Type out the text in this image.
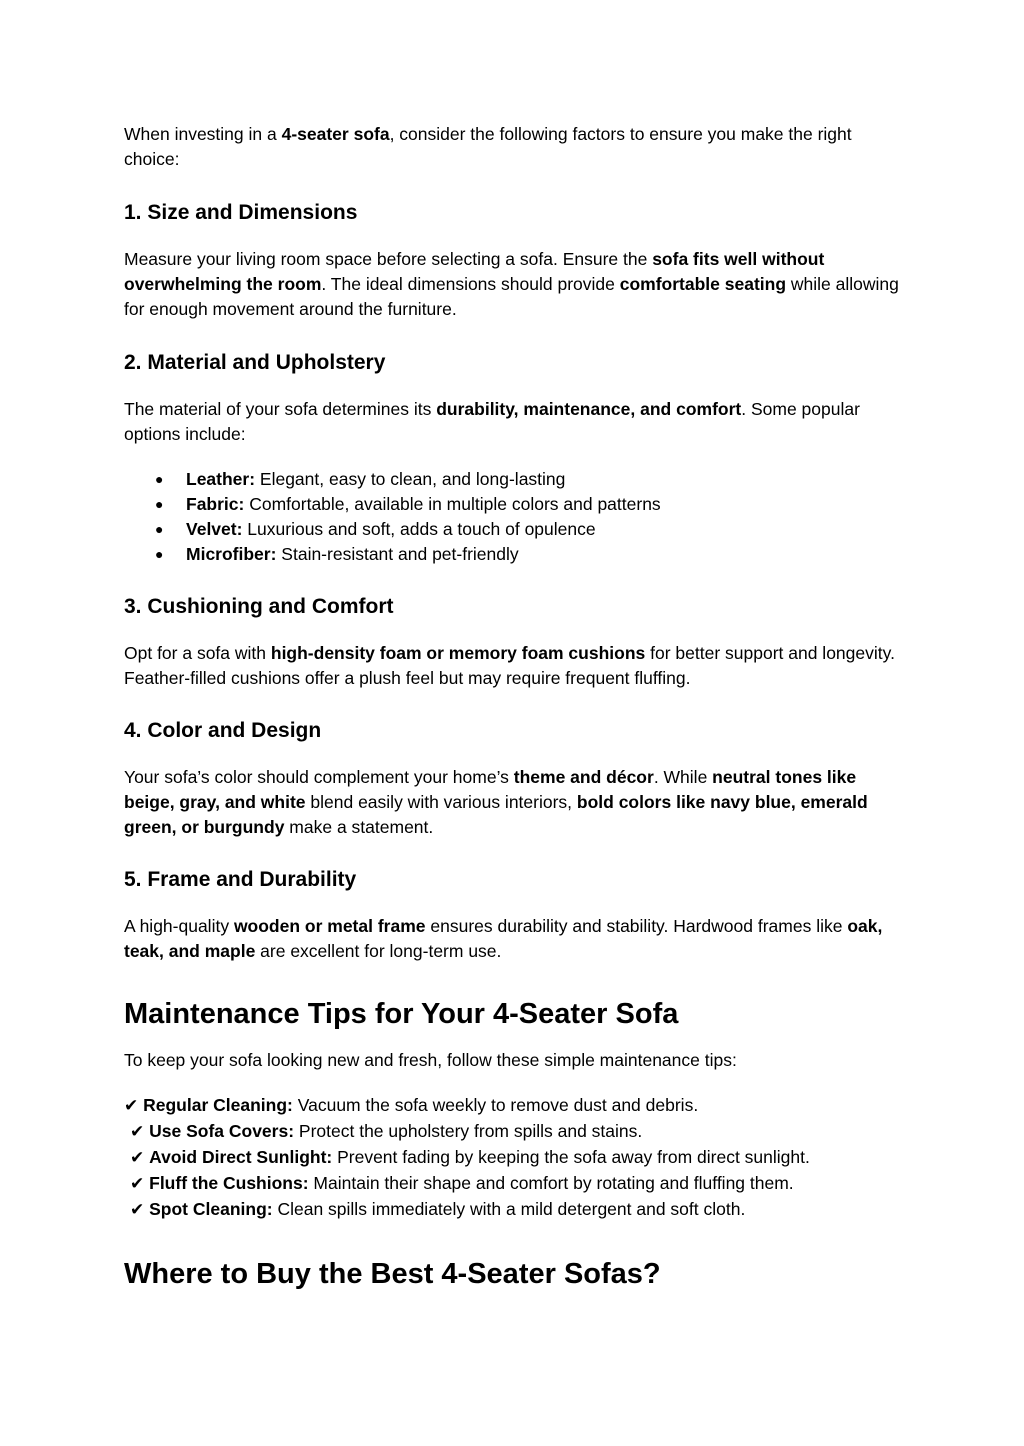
When investing in a 4-seater sofa, consider the following factors to ensure you make the right choice:

1. Size and Dimensions

Measure your living room space before selecting a sofa. Ensure the sofa fits well without overwhelming the room. The ideal dimensions should provide comfortable seating while allowing for enough movement around the furniture.

2. Material and Upholstery

The material of your sofa determines its durability, maintenance, and comfort. Some popular options include:

● Leather: Elegant, easy to clean, and long-lasting
● Fabric: Comfortable, available in multiple colors and patterns
● Velvet: Luxurious and soft, adds a touch of opulence
● Microfiber: Stain-resistant and pet-friendly
3. Cushioning and Comfort

Opt for a sofa with high-density foam or memory foam cushions for better support and longevity. Feather-filled cushions offer a plush feel but may require frequent fluffing.

4. Color and Design

Your sofa’s color should complement your home’s theme and décor. While neutral tones like beige, gray, and white blend easily with various interiors, bold colors like navy blue, emerald green, or burgundy make a statement.

5. Frame and Durability

A high-quality wooden or metal frame ensures durability and stability. Hardwood frames like oak, teak, and maple are excellent for long-term use.

Maintenance Tips for Your 4-Seater Sofa

To keep your sofa looking new and fresh, follow these simple maintenance tips:

✔ Regular Cleaning: Vacuum the sofa weekly to remove dust and debris.
✔ Use Sofa Covers: Protect the upholstery from spills and stains.
✔ Avoid Direct Sunlight: Prevent fading by keeping the sofa away from direct sunlight.
✔ Fluff the Cushions: Maintain their shape and comfort by rotating and fluffing them.
✔ Spot Cleaning: Clean spills immediately with a mild detergent and soft cloth.
Where to Buy the Best 4-Seater Sofas?
